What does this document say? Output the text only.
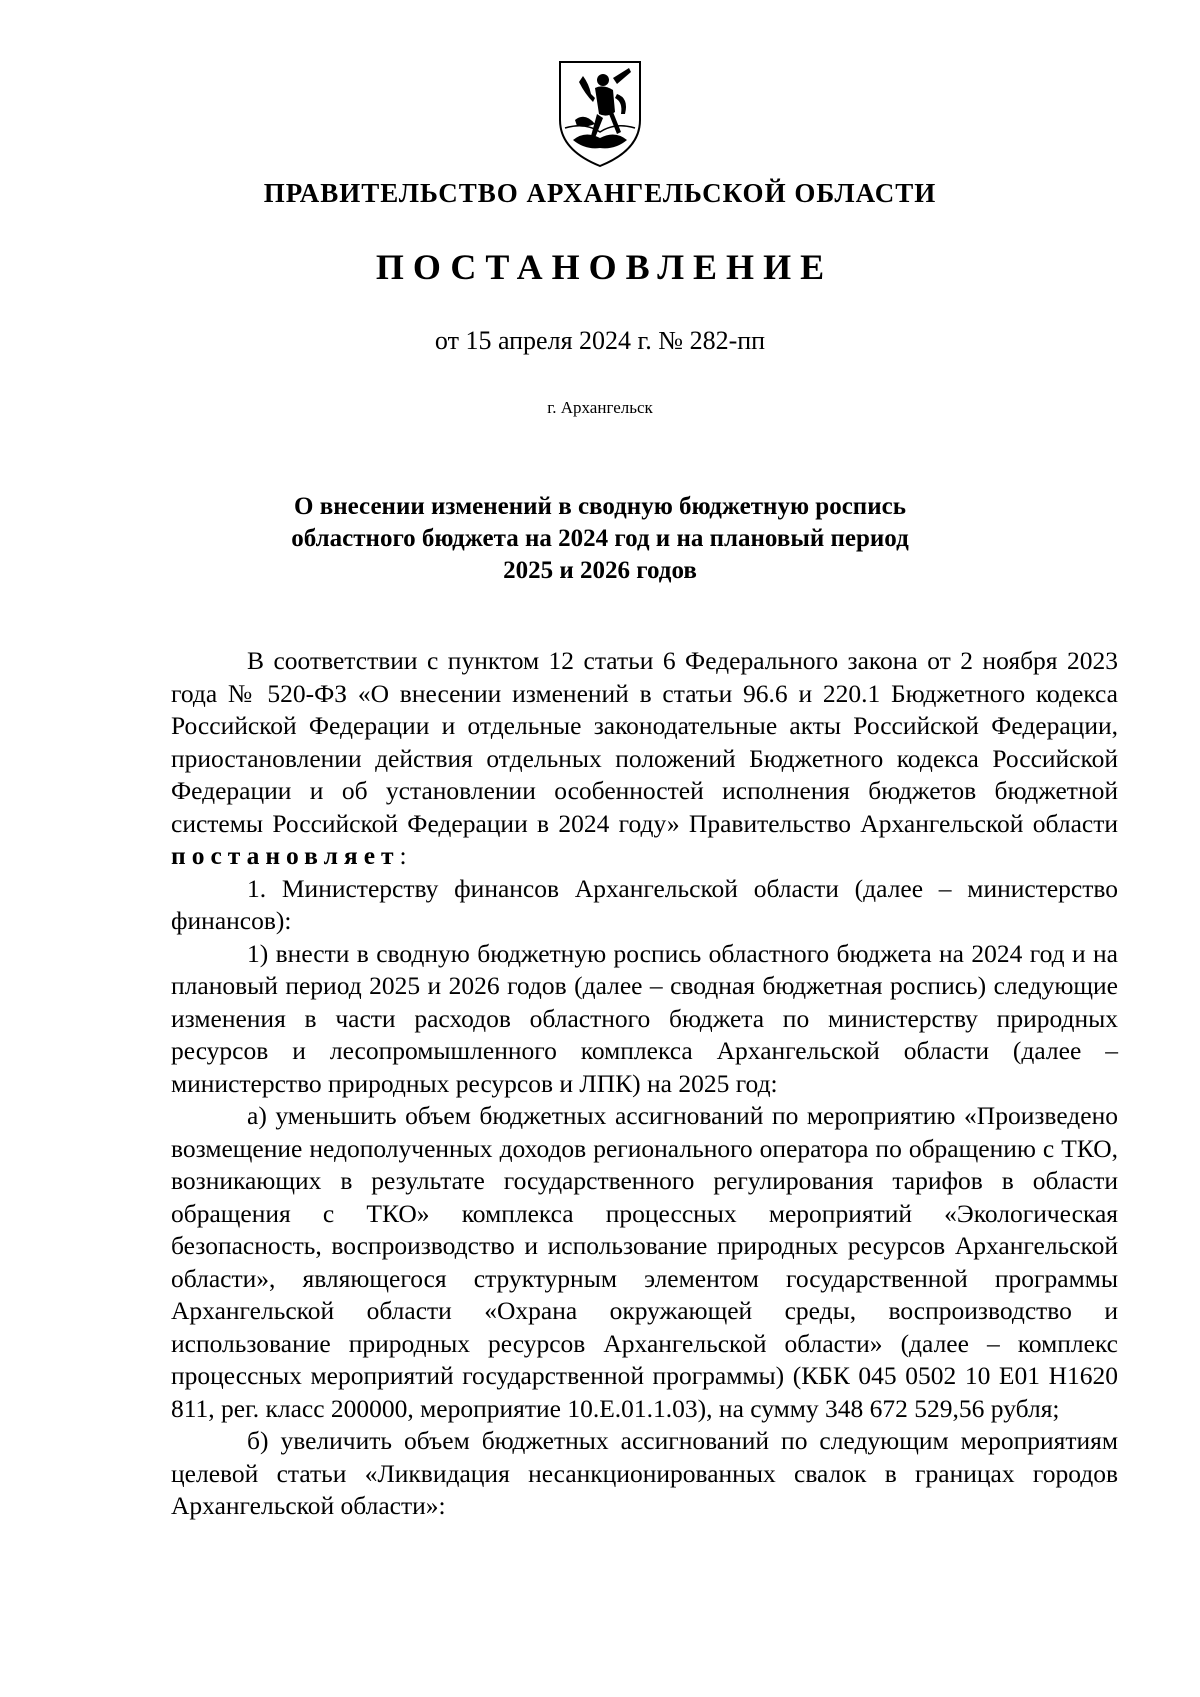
ПРАВИТЕЛЬСТВО АРХАНГЕЛЬСКОЙ ОБЛАСТИ
ПОСТАНОВЛЕНИЕ
от 15 апреля 2024 г. № 282-пп
г. Архангельск
О внесении изменений в сводную бюджетную роспись
областного бюджета на 2024 год и на плановый период
2025 и 2026 годов

В соответствии с пунктом 12 статьи 6 Федерального закона от 2 ноября 2023 года № 520-ФЗ «О внесении изменений в статьи 96.6 и 220.1 Бюджетного кодекса Российской Федерации и отдельные законодательные акты Российской Федерации, приостановлении действия отдельных положений Бюджетного кодекса Российской Федерации и об установлении особенностей исполнения бюджетов бюджетной системы Российской Федерации в 2024 году» Правительство Архангельской области постановляет:

1. Министерству финансов Архангельской области (далее – министерство финансов):

1) внести в сводную бюджетную роспись областного бюджета на 2024 год и на плановый период 2025 и 2026 годов (далее – сводная бюджетная роспись) следующие изменения в части расходов областного бюджета по министерству природных ресурсов и лесопромышленного комплекса Архангельской области (далее – министерство природных ресурсов и ЛПК) на 2025 год:

а) уменьшить объем бюджетных ассигнований по мероприятию «Произведено возмещение недополученных доходов регионального оператора по обращению с ТКО, возникающих в результате государственного регулирования тарифов в области обращения с ТКО» комплекса процессных мероприятий «Экологическая безопасность, воспроизводство и использование природных ресурсов Архангельской области», являющегося структурным элементом государственной программы Архангельской области «Охрана окружающей среды, воспроизводство и использование природных ресурсов Архангельской области» (далее – комплекс процессных мероприятий государственной программы) (КБК 045 0502 10 Е01 Н1620 811, рег. класс 200000, мероприятие 10.Е.01.1.03), на сумму 348 672 529,56 рубля;

б) увеличить объем бюджетных ассигнований по следующим мероприятиям целевой статьи «Ликвидация несанкционированных свалок в границах городов Архангельской области»:
